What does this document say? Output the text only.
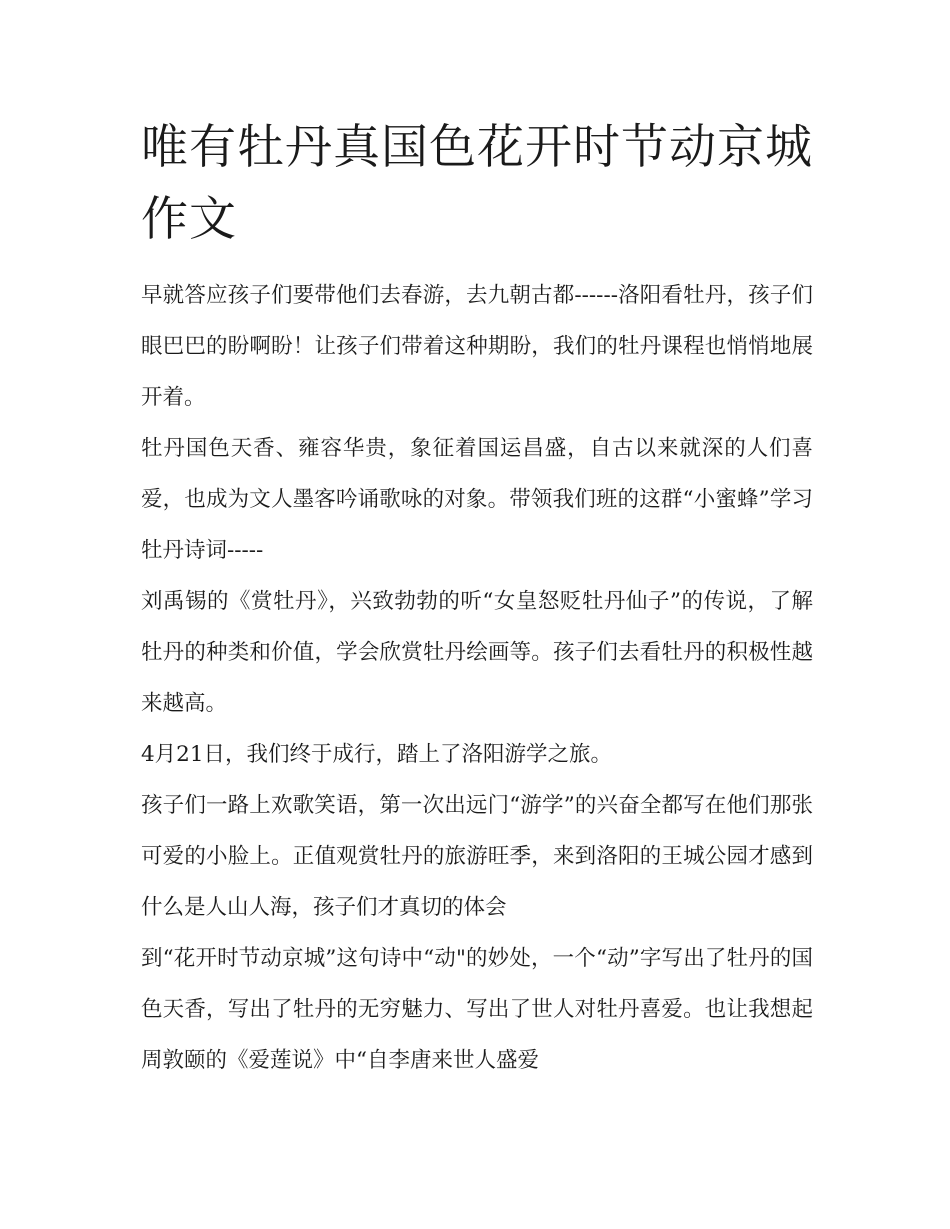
唯有牡丹真国色花开时节动京城作文

早就答应孩子们要带他们去春游，去九朝古都------洛阳看牡丹，孩子们眼巴巴的盼啊盼！让孩子们带着这种期盼，我们的牡丹课程也悄悄地展开着。

牡丹国色天香、雍容华贵，象征着国运昌盛，自古以来就深的人们喜爱，也成为文人墨客吟诵歌咏的对象。带领我们班的这群“小蜜蜂”学习牡丹诗词-----

刘禹锡的《赏牡丹》，兴致勃勃的听“女皇怒贬牡丹仙子”的传说，了解牡丹的种类和价值，学会欣赏牡丹绘画等。孩子们去看牡丹的积极性越来越高。

4月21日，我们终于成行，踏上了洛阳游学之旅。

孩子们一路上欢歌笑语，第一次出远门“游学”的兴奋全都写在他们那张可爱的小脸上。正值观赏牡丹的旅游旺季，来到洛阳的王城公园才感到什么是人山人海，孩子们才真切的体会

到“花开时节动京城”这句诗中“动"的妙处，一个“动”字写出了牡丹的国色天香，写出了牡丹的无穷魅力、写出了世人对牡丹喜爱。也让我想起周敦颐的《爱莲说》中“自李唐来世人盛爱
